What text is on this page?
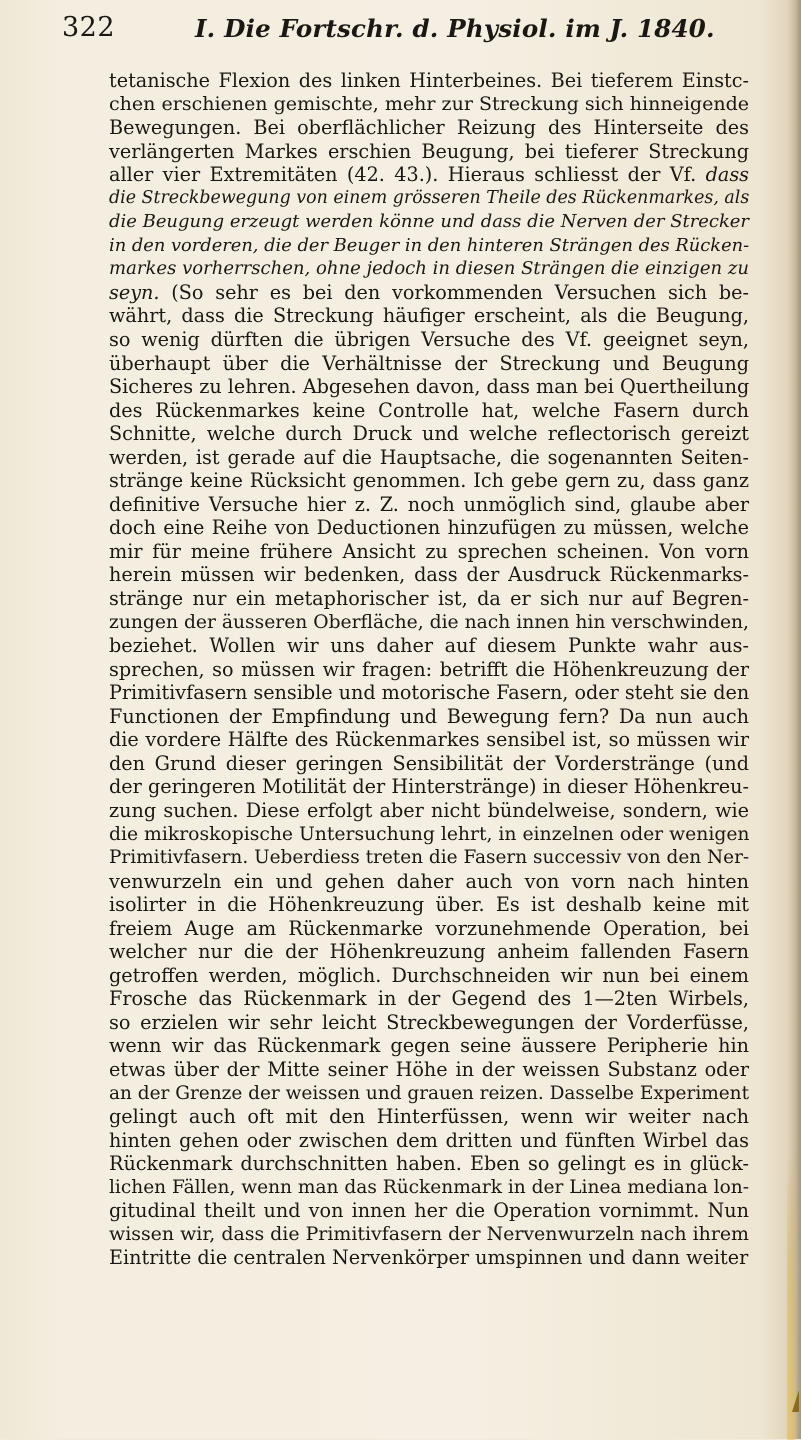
322	I. Die Fortschr. d. Physiol. im J. 1840.
tetanische Flexion des linken Hinterbeines. Bei tieferem Einstc-
chen erschienen gemischte, mehr zur Streckung sich hinneigende
Bewegungen. Bei oberflächlicher Reizung des Hinterseite des
verlängerten Markes erschien Beugung, bei tieferer Streckung
aller vier Extremitäten (42. 43.). Hieraus schliesst der Vf. dass
die Streckbewegung von einem grösseren Theile des Rückenmarkes, als
die Beugung erzeugt werden könne und dass die Nerven der Strecker
in den vorderen, die der Beuger in den hinteren Strängen des Rücken-
markes vorherrschen, ohne jedoch in diesen Strängen die einzigen zu
seyn. (So sehr es bei den vorkommenden Versuchen sich be-
währt, dass die Streckung häufiger erscheint, als die Beugung,
so wenig dürften die übrigen Versuche des Vf. geeignet seyn,
überhaupt über die Verhältnisse der Streckung und Beugung
Sicheres zu lehren. Abgesehen davon, dass man bei Quertheilung
des Rückenmarkes keine Controlle hat, welche Fasern durch
Schnitte, welche durch Druck und welche reflectorisch gereizt
werden, ist gerade auf die Hauptsache, die sogenannten Seiten-
stränge keine Rücksicht genommen. Ich gebe gern zu, dass ganz
definitive Versuche hier z. Z. noch unmöglich sind, glaube aber
doch eine Reihe von Deductionen hinzufügen zu müssen, welche
mir für meine frühere Ansicht zu sprechen scheinen. Von vorn
herein müssen wir bedenken, dass der Ausdruck Rückenmarks-
stränge nur ein metaphorischer ist, da er sich nur auf Begren-
zungen der äusseren Oberfläche, die nach innen hin verschwinden,
beziehet. Wollen wir uns daher auf diesem Punkte wahr aus-
sprechen, so müssen wir fragen: betrifft die Höhenkreuzung der
Primitivfasern sensible und motorische Fasern, oder steht sie den
Functionen der Empfindung und Bewegung fern? Da nun auch
die vordere Hälfte des Rückenmarkes sensibel ist, so müssen wir
den Grund dieser geringen Sensibilität der Vorderstränge (und
der geringeren Motilität der Hinterstränge) in dieser Höhenkreu-
zung suchen. Diese erfolgt aber nicht bündelweise, sondern, wie
die mikroskopische Untersuchung lehrt, in einzelnen oder wenigen
Primitivfasern. Ueberdiess treten die Fasern successiv von den Ner-
venwurzeln ein und gehen daher auch von vorn nach hinten
isolirter in die Höhenkreuzung über. Es ist deshalb keine mit
freiem Auge am Rückenmarke vorzunehmende Operation, bei
welcher nur die der Höhenkreuzung anheim fallenden Fasern
getroffen werden, möglich. Durchschneiden wir nun bei einem
Frosche das Rückenmark in der Gegend des 1—2ten Wirbels,
so erzielen wir sehr leicht Streckbewegungen der Vorderfüsse,
wenn wir das Rückenmark gegen seine äussere Peripherie hin
etwas über der Mitte seiner Höhe in der weissen Substanz oder
an der Grenze der weissen und grauen reizen. Dasselbe Experiment
gelingt auch oft mit den Hinterfüssen, wenn wir weiter nach
hinten gehen oder zwischen dem dritten und fünften Wirbel das
Rückenmark durchschnitten haben. Eben so gelingt es in glück-
lichen Fällen, wenn man das Rückenmark in der Linea mediana lon-
gitudinal theilt und von innen her die Operation vornimmt. Nun
wissen wir, dass die Primitivfasern der Nervenwurzeln nach ihrem
Eintritte die centralen Nervenkörper umspinnen und dann weiter
